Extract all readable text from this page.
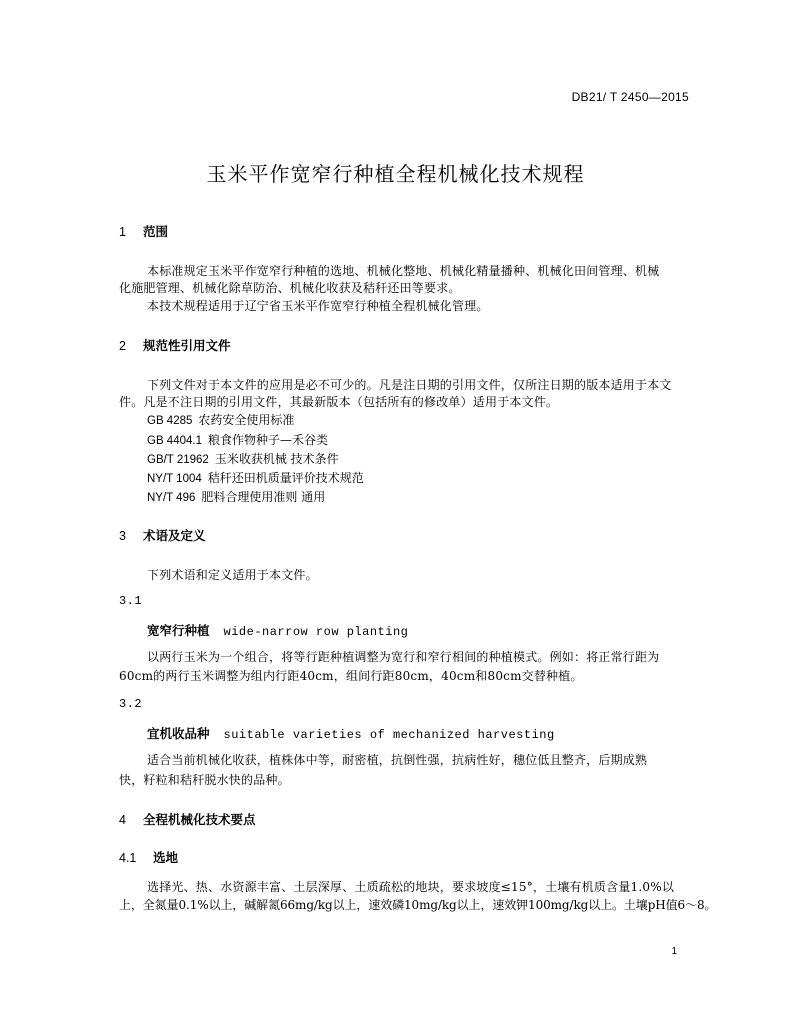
DB21/ T 2450—2015
玉米平作宽窄行种植全程机械化技术规程
1 范围
本标准规定玉米平作宽窄行种植的选地、机械化整地、机械化精量播种、机械化田间管理、机械
化施肥管理、机械化除草防治、机械化收获及秸秆还田等要求。
本技术规程适用于辽宁省玉米平作宽窄行种植全程机械化管理。
2 规范性引用文件
下列文件对于本文件的应用是必不可少的。凡是注日期的引用文件，仅所注日期的版本适用于本文
件。凡是不注日期的引用文件，其最新版本（包括所有的修改单）适用于本文件。
GB 4285 农药安全使用标准
GB 4404.1 粮食作物种子—禾谷类
GB/T 21962 玉米收获机械 技术条件
NY/T 1004 秸秆还田机质量评价技术规范
NY/T 496 肥料合理使用准则 通用
3 术语及定义
下列术语和定义适用于本文件。
3.1
宽窄行种植 wide-narrow row planting
以两行玉米为一个组合，将等行距种植调整为宽行和窄行相间的种植模式。例如：将正常行距为
60cm的两行玉米调整为组内行距40cm，组间行距80cm，40cm和80cm交替种植。
3.2
宜机收品种 suitable varieties of mechanized harvesting
适合当前机械化收获，植株体中等，耐密植，抗倒性强，抗病性好，穗位低且整齐，后期成熟
快，籽粒和秸秆脱水快的品种。
4 全程机械化技术要点
4.1 选地
选择光、热、水资源丰富、土层深厚、土质疏松的地块，要求坡度≤15°，土壤有机质含量1.0%以
上，全氮量0.1%以上，碱解氮66mg/kg以上，速效磷10mg/kg以上，速效钾100mg/kg以上。土壤pH值6～8。
1
